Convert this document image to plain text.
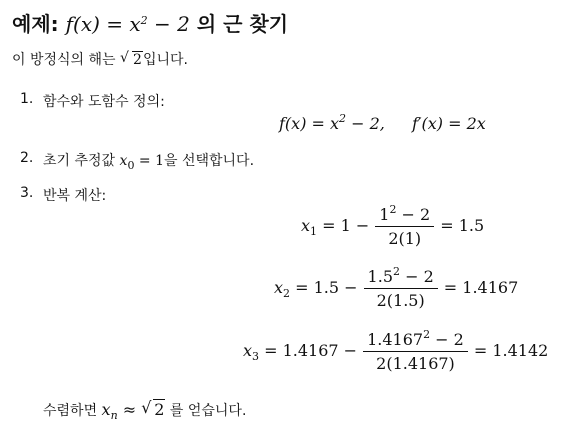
예제: $f(x) = x^2 - 2$ 의 근 찾기
이 방정식의 해는 √ 2입니다.
1. 함수와 도함수 정의:
$f(x) = x^2 - 2$, f′(x) = 2x
2. 초기 추정값 $x_0 = 1$을 선택합니다.
3. 반복 계산:
$x_1 = 1 - \frac{1^2 - 2}{2(1)} = 1.5$
$x_2 = 1.5 - \frac{1.5^2 - 2}{2(1.5)} = 1.4167$
$x_3 = 1.4167 - \frac{1.4167^2 - 2}{2(1.4167)} = 1.4142$
수렴하면 $x_n$ ≈ √ 2 를 얻습니다.
